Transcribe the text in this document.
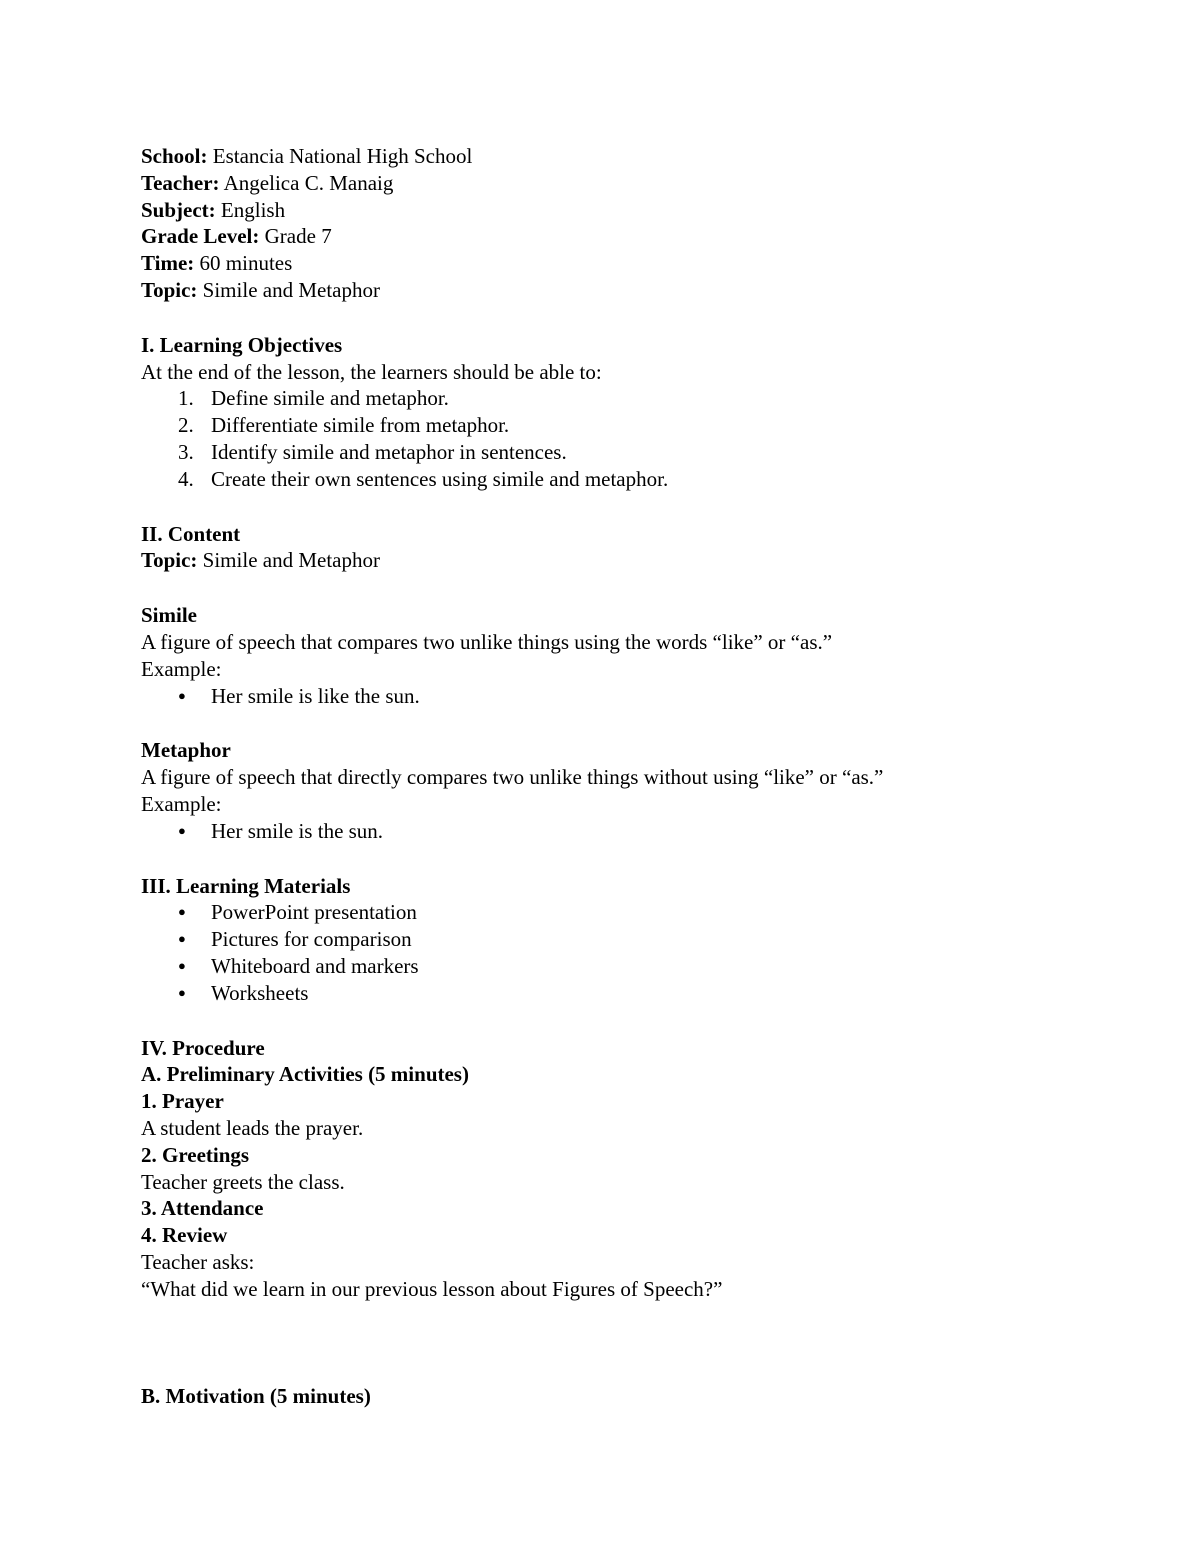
School: Estancia National High School
Teacher: Angelica C. Manaig
Subject: English
Grade Level: Grade 7
Time: 60 minutes
Topic: Simile and Metaphor
I. Learning Objectives
At the end of the lesson, the learners should be able to:
1. Define simile and metaphor.
2. Differentiate simile from metaphor.
3. Identify simile and metaphor in sentences.
4. Create their own sentences using simile and metaphor.
II. Content
Topic: Simile and Metaphor
Simile
A figure of speech that compares two unlike things using the words “like” or “as.”
Example:
●	Her smile is like the sun.
Metaphor
A figure of speech that directly compares two unlike things without using “like” or “as.”
Example:
●	Her smile is the sun.
III. Learning Materials
●	PowerPoint presentation
●	Pictures for comparison
●	Whiteboard and markers
●	Worksheets
IV. Procedure
A. Preliminary Activities (5 minutes)
1. Prayer
A student leads the prayer.
2. Greetings
Teacher greets the class.
3. Attendance
4. Review
Teacher asks:
“What did we learn in our previous lesson about Figures of Speech?”
B. Motivation (5 minutes)
